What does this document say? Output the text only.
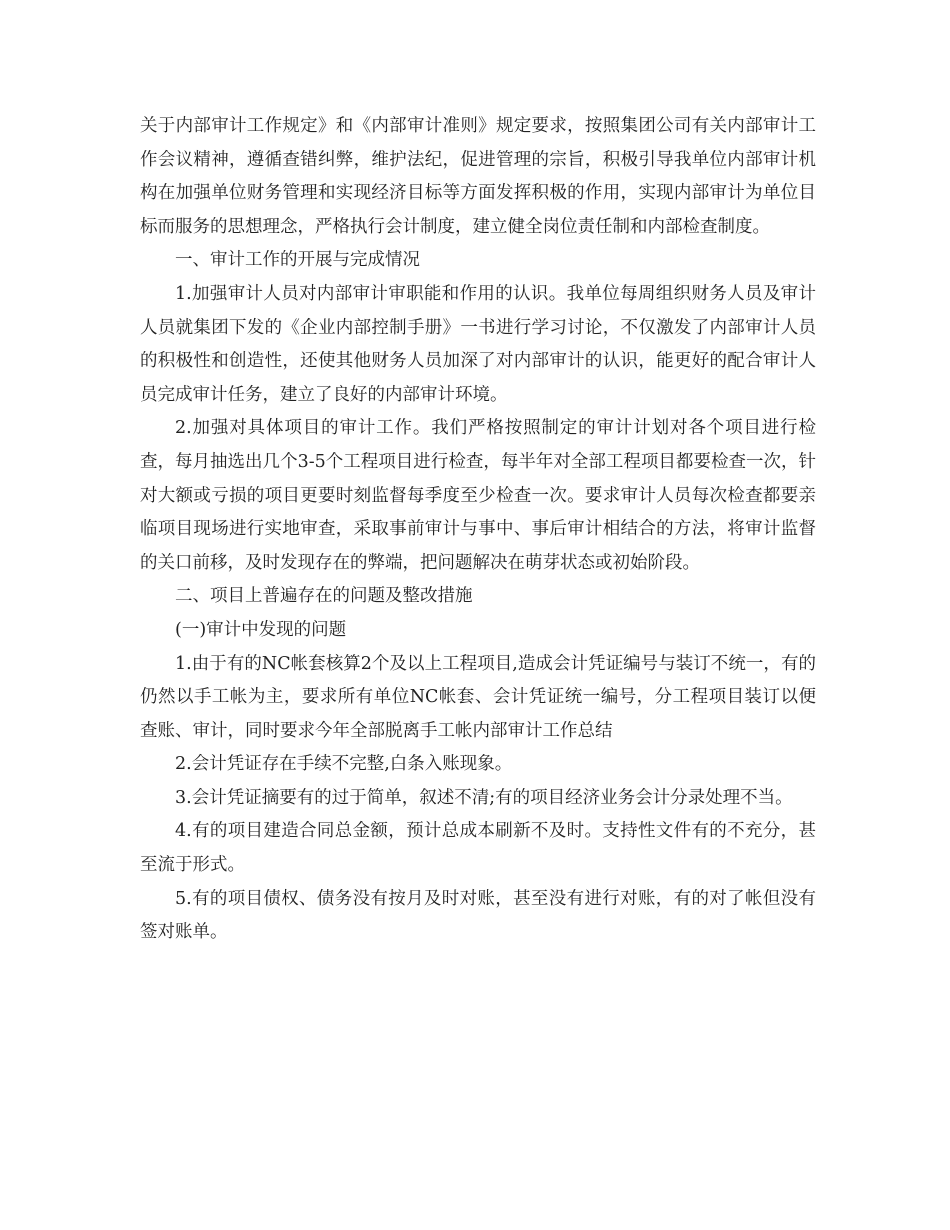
关于内部审计工作规定》和《内部审计准则》规定要求，按照集团公司有关内部审计工作会议精神，遵循查错纠弊，维护法纪，促进管理的宗旨，积极引导我单位内部审计机构在加强单位财务管理和实现经济目标等方面发挥积极的作用，实现内部审计为单位目标而服务的思想理念，严格执行会计制度，建立健全岗位责任制和内部检查制度。

一、审计工作的开展与完成情况

1.加强审计人员对内部审计审职能和作用的认识。我单位每周组织财务人员及审计人员就集团下发的《企业内部控制手册》一书进行学习讨论，不仅激发了内部审计人员的积极性和创造性，还使其他财务人员加深了对内部审计的认识，能更好的配合审计人员完成审计任务，建立了良好的内部审计环境。

2.加强对具体项目的审计工作。我们严格按照制定的审计计划对各个项目进行检查，每月抽选出几个3-5个工程项目进行检查，每半年对全部工程项目都要检查一次，针对大额或亏损的项目更要时刻监督每季度至少检查一次。要求审计人员每次检查都要亲临项目现场进行实地审查，采取事前审计与事中、事后审计相结合的方法，将审计监督的关口前移，及时发现存在的弊端，把问题解决在萌芽状态或初始阶段。

二、项目上普遍存在的问题及整改措施

(一)审计中发现的问题

1.由于有的NC帐套核算2个及以上工程项目,造成会计凭证编号与装订不统一，有的仍然以手工帐为主，要求所有单位NC帐套、会计凭证统一编号，分工程项目装订以便查账、审计，同时要求今年全部脱离手工帐内部审计工作总结

2.会计凭证存在手续不完整,白条入账现象。

3.会计凭证摘要有的过于简单，叙述不清;有的项目经济业务会计分录处理不当。

4.有的项目建造合同总金额，预计总成本刷新不及时。支持性文件有的不充分，甚至流于形式。

5.有的项目债权、债务没有按月及时对账，甚至没有进行对账，有的对了帐但没有签对账单。
